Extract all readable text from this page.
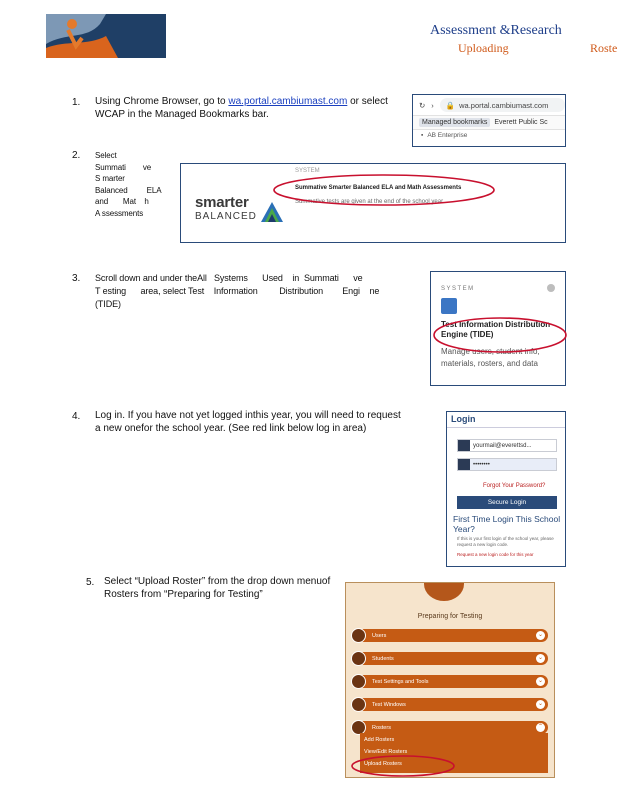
Assessment &Research
Uploading	Roste
1. Using Chrome Browser, go to wa.portal.cambiumast.com or select WCAP in the Managed Bookmarks bar.
↻ › 🔒 wa.portal.cambiumast.com
Managed bookmarks	Everett Public Sc
▪ AB Enterprise
2. Select
Summati        ve
S marter
Balanced         ELA
and       Mat    h
A ssessments
smarter
BALANCED
SYSTEM
Summative Smarter Balanced ELA and Math Assessments
Summative tests are given at the end of the school year.
3. Scroll down and under theAll   Systems      Used    in  Summati      ve
T esting      area, select Test    Information         Distribution        Engi    ne
(TIDE)
SYSTEM
Test Information Distribution
Engine (TIDE)
Manage users, student info,
materials, rosters, and data
4. Log in. If you have not yet logged inthis year, you will need to request a new onefor the school year. (See red link below log in area)
Login
yourmail@everettsd...
••••••••
Forgot Your Password?
Secure Login
First Time Login This School
Year?
If this is your first login of the school year, please
request a new login code.
Request a new login code for this year
5. Select “Upload Roster” from the drop down menuof Rosters from “Preparing for Testing”
Preparing for Testing
Users	⌄
Students	⌄
Test Settings and Tools	⌄
Test Windows	⌄
Rosters	⌃
Add Rosters
View/Edit Rosters
Upload Rosters
